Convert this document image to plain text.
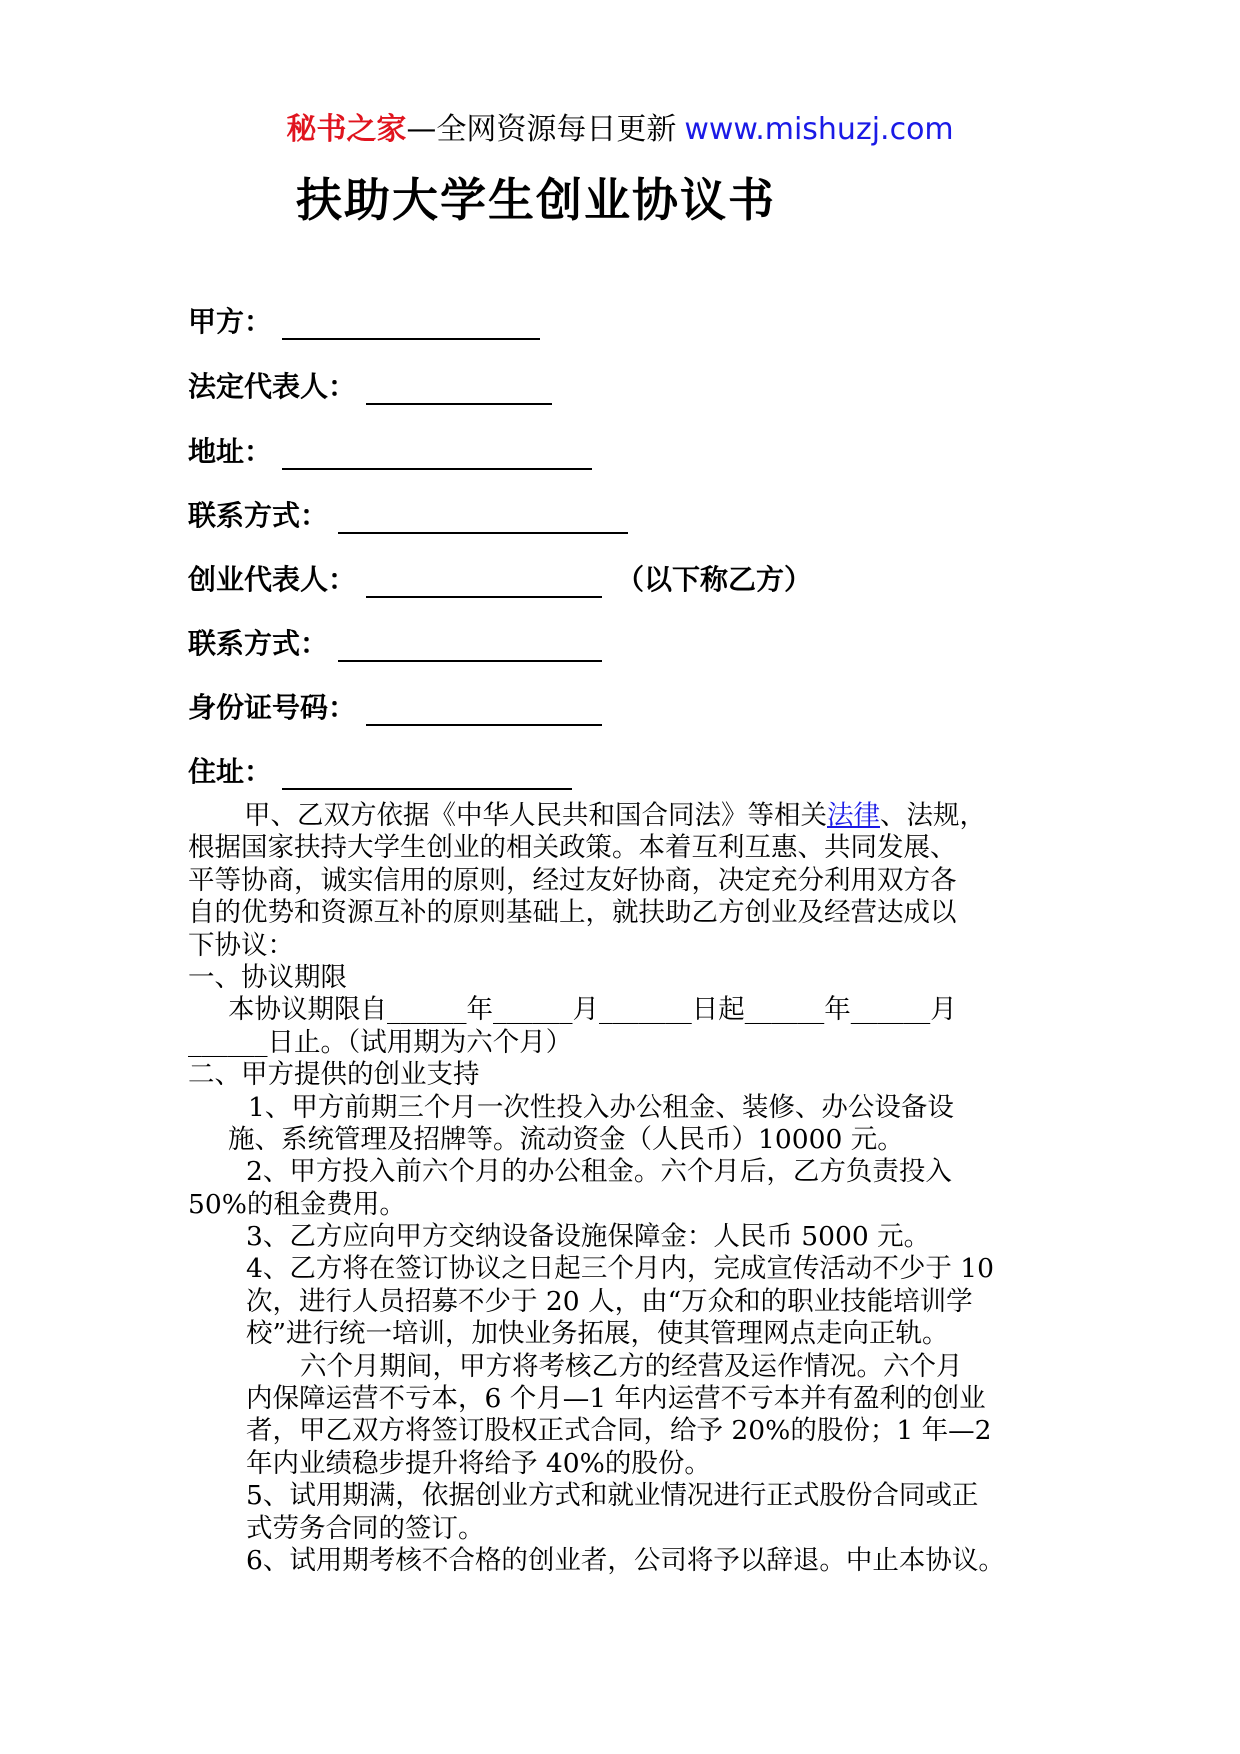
秘书之家—全网资源每日更新 www.mishuzj.com
扶助大学生创业协议书
甲方：
法定代表人：
地址：
联系方式：
创业代表人：	（以下称乙方）
联系方式：
身份证号码：
住址：
甲、乙双方依据《中华人民共和国合同法》等相关法律、法规，
根据国家扶持大学生创业的相关政策。本着互利互惠、共同发展、
平等协商，诚实信用的原则，经过友好协商，决定充分利用双方各
自的优势和资源互补的原则基础上，就扶助乙方创业及经营达成以
下协议：
一、协议期限
本协议期限自______年______月_______日起______年______月
______日止。（试用期为六个月）
二、甲方提供的创业支持
1、甲方前期三个月一次性投入办公租金、装修、办公设备设
施、系统管理及招牌等。流动资金（人民币）10000 元。
2、甲方投入前六个月的办公租金。六个月后，乙方负责投入
50%的租金费用。
3、乙方应向甲方交纳设备设施保障金：人民币 5000 元。
4、乙方将在签订协议之日起三个月内，完成宣传活动不少于 10
次，进行人员招募不少于 20 人，由“万众和的职业技能培训学
校”进行统一培训，加快业务拓展，使其管理网点走向正轨。
六个月期间，甲方将考核乙方的经营及运作情况。六个月
内保障运营不亏本，6 个月—1 年内运营不亏本并有盈利的创业
者，甲乙双方将签订股权正式合同，给予 20%的股份；1 年—2
年内业绩稳步提升将给予 40%的股份。
5、试用期满，依据创业方式和就业情况进行正式股份合同或正
式劳务合同的签订。
6、试用期考核不合格的创业者，公司将予以辞退。中止本协议。
